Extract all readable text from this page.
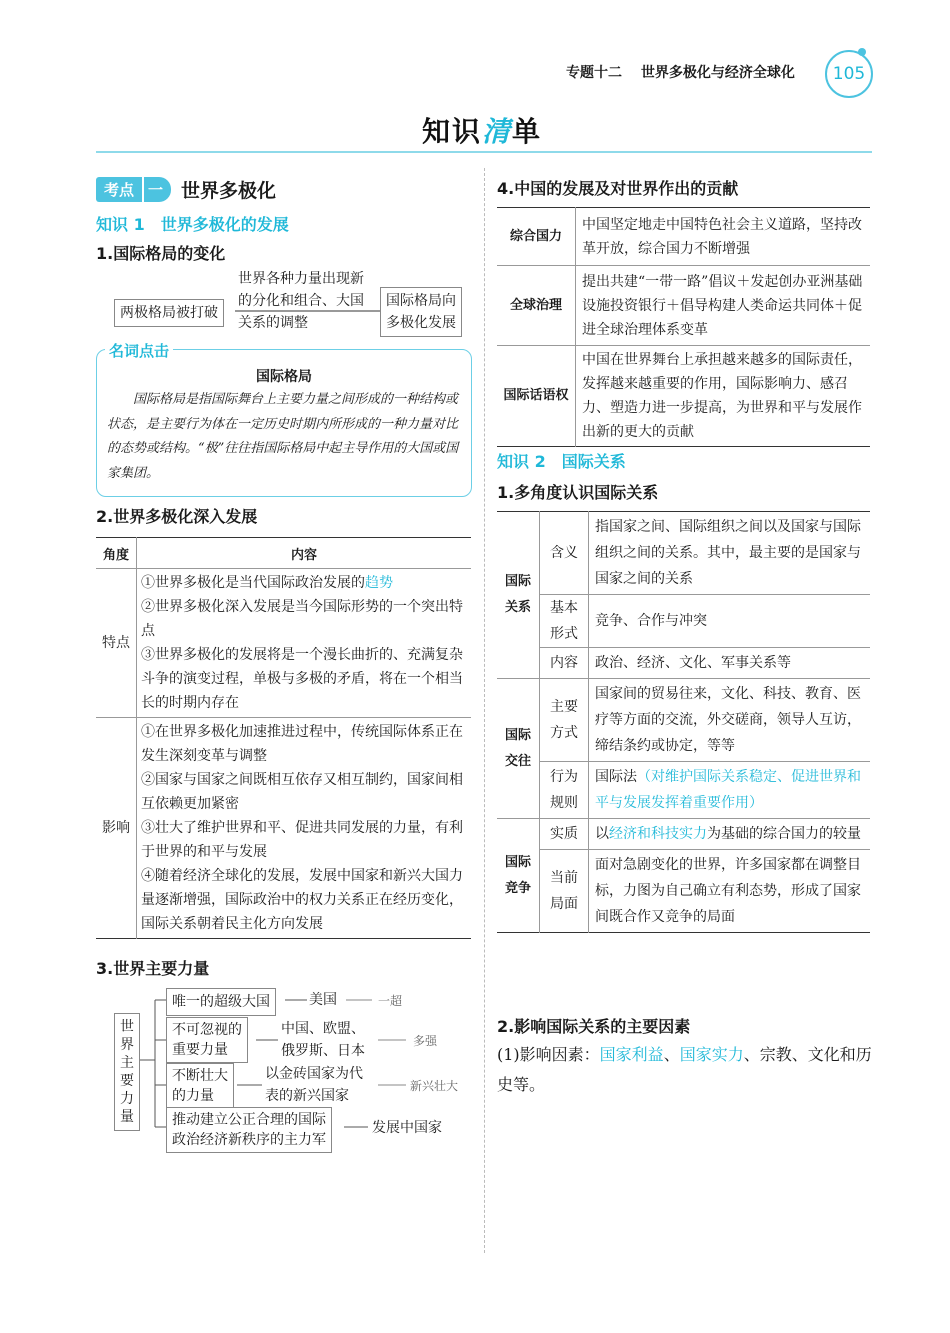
专题十二 世界多极化与经济全球化	105
知识清单
考点 一 世界多极化
知识 1　世界多极化的发展
1.国际格局的变化
两极格局被打破
世界各种力量出现新
的分化和组合、大国
关系的调整
国际格局向
多极化发展
名词点击
国际格局
国际格局是指国际舞台上主要力量之间形成的一种结构或状态，是主要行为体在一定历史时期内所形成的一种力量对比的态势或结构。“极”往往指国际格局中起主导作用的大国或国家集团。
2.世界多极化深入发展
角度	内容
特点	①世界多极化是当代国际政治发展的趋势
②世界多极化深入发展是当今国际形势的一个突出特点
③世界多极化的发展将是一个漫长曲折的、充满复杂斗争的演变过程，单极与多极的矛盾，将在一个相当长的时期内存在

影响	①在世界多极化加速推进过程中，传统国际体系正在发生深刻变革与调整
②国家与国家之间既相互依存又相互制约，国家间相互依赖更加紧密
③壮大了维护世界和平、促进共同发展的力量，有利于世界的和平与发展
④随着经济全球化的发展，发展中国家和新兴大国力量逐渐增强，国际政治中的权力关系正在经历变化，国际关系朝着民主化方向发展
3.世界主要力量
世界主要力量
唯一的超级大国	美国	一超
不可忽视的
重要力量
中国、欧盟、
俄罗斯、日本
多强
不断壮大
的力量
以金砖国家为代
表的新兴国家
新兴壮大
推动建立公正合理的国际
政治经济新秩序的主力军
发展中国家
4.中国的发展及对世界作出的贡献
综合国力	中国坚定地走中国特色社会主义道路，坚持改革开放，综合国力不断增强
全球治理	提出共建“一带一路”倡议＋发起创办亚洲基础设施投资银行＋倡导构建人类命运共同体＋促进全球治理体系变革
国际话语权	中国在世界舞台上承担越来越多的国际责任，发挥越来越重要的作用，国际影响力、感召力、塑造力进一步提高，为世界和平与发展作出新的更大的贡献
知识 2　国际关系
1.多角度认识国际关系
国际关系	含义	指国家之间、国际组织之间以及国家与国际组织之间的关系。其中，最主要的是国家与国家之间的关系
	基本形式	竞争、合作与冲突
	内容	政治、经济、文化、军事关系等
国际交往	主要方式	国家间的贸易往来，文化、科技、教育、医疗等方面的交流，外交磋商，领导人互访，缔结条约或协定，等等
	行为规则	国际法（对维护国际关系稳定、促进世界和平与发展发挥着重要作用）
国际竞争	实质	以经济和科技实力为基础的综合国力的较量
	当前局面	面对急剧变化的世界，许多国家都在调整目标，力图为自己确立有利态势，形成了国家间既合作又竞争的局面
2.影响国际关系的主要因素
(1)影响因素：国家利益、国家实力、宗教、文化和历史等。
